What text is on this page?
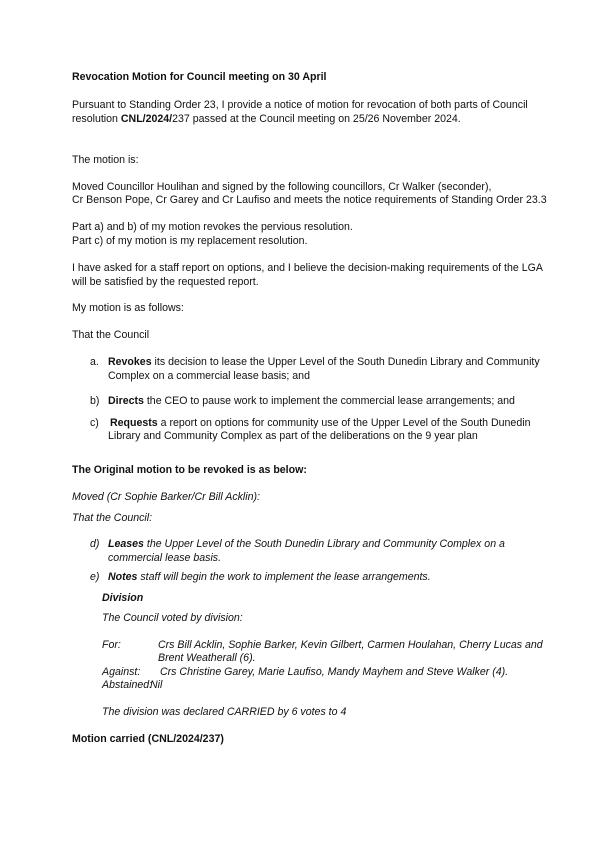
Revocation Motion for Council meeting on 30 April
Pursuant to Standing Order 23, I provide a notice of motion for revocation of both parts of Council
resolution CNL/2024/237 passed at the Council meeting on 25/26 November 2024.
The motion is:
Moved Councillor Houlihan and signed by the following councillors, Cr Walker (seconder),
Cr Benson Pope, Cr Garey and Cr Laufiso and meets the notice requirements of Standing Order 23.3
Part a) and b) of my motion revokes the pervious resolution.
Part c) of my motion is my replacement resolution.
I have asked for a staff report on options, and I believe the decision-making requirements of the LGA
will be satisfied by the requested report.
My motion is as follows:
That the Council
a. Revokes its decision to lease the Upper Level of the South Dunedin Library and Community
Complex on a commercial lease basis; and
b) Directs the CEO to pause work to implement the commercial lease arrangements; and
c) Requests a report on options for community use of the Upper Level of the South Dunedin
Library and Community Complex as part of the deliberations on the 9 year plan
The Original motion to be revoked is as below:
Moved (Cr Sophie Barker/Cr Bill Acklin):
That the Council:
d) Leases the Upper Level of the South Dunedin Library and Community Complex on a
commercial lease basis.
e) Notes staff will begin the work to implement the lease arrangements.
Division
The Council voted by division:
For:	Crs Bill Acklin, Sophie Barker, Kevin Gilbert, Carmen Houlahan, Cherry Lucas and
Brent Weatherall (6).
Against: Crs Christine Garey, Marie Laufiso, Mandy Mayhem and Steve Walker (4).
Abstained:
Nil
The division was declared CARRIED by 6 votes to 4
Motion carried (CNL/2024/237)
